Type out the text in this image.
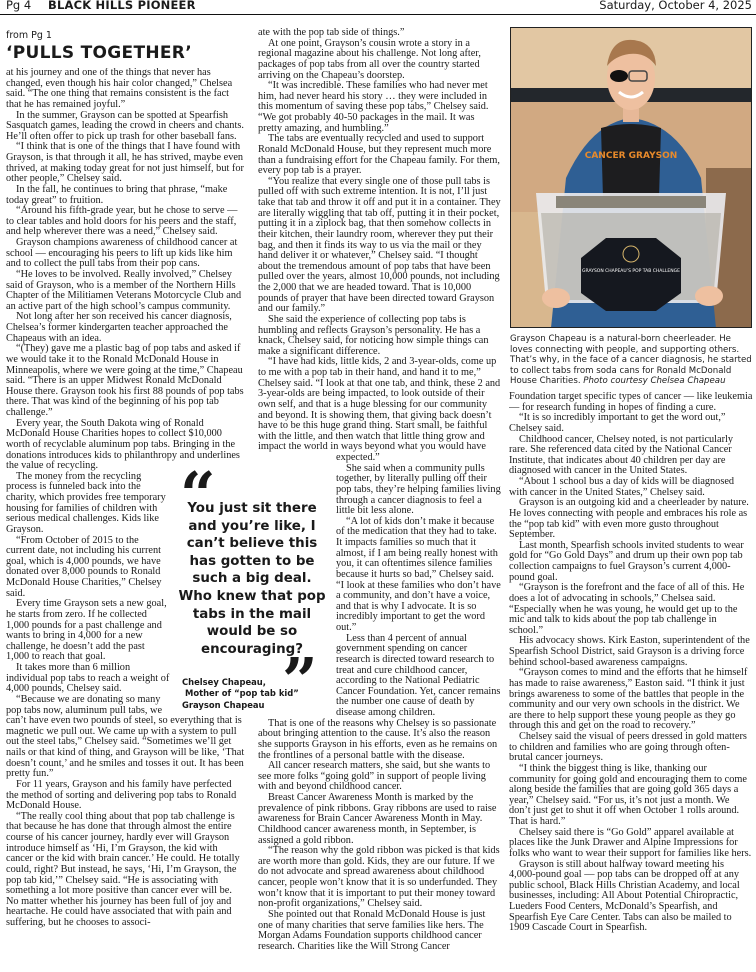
Pg 4 BLACK HILLS PIONEER	Saturday, October 4, 2025
from Pg 1
‘PULLS TOGETHER’

at his journey and one of the things that never has changed, even though his hair color changed,” Chelsea said. “The one thing that remains consistent is the fact that he has remained joyful.”

In the summer, Grayson can be spotted at Spearfish Sasquatch games, leading the crowd in cheers and chants. He’ll often offer to pick up trash for other baseball fans.

“I think that is one of the things that I have found with Grayson, is that through it all, he has strived, maybe even thrived, at making today great for not just himself, but for other people,” Chelsey said.

In the fall, he continues to bring that phrase, “make today great” to fruition.

“Around his fifth-grade year, but he chose to serve — to clear tables and hold doors for his peers and the staff, and help wherever there was a need,” Chelsey said.

Grayson champions awareness of childhood cancer at school — encouraging his peers to lift up kids like him and to collect the pull tabs from their pop cans.

“He loves to be involved. Really involved,” Chelsey said of Grayson, who is a member of the Northern Hills Chapter of the Militiamen Veterans Motorcycle Club and an active part of the high school’s campus community.

Not long after her son received his cancer diagnosis, Chelsea’s former kindergarten teacher approached the Chapeaus with an idea.

“(They) gave me a plastic bag of pop tabs and asked if we would take it to the Ronald McDonald House in Minneapolis, where we were going at the time,” Chapeau said. “There is an upper Midwest Ronald McDonald House there. Grayson took his first 88 pounds of pop tabs there. That was kind of the beginning of his pop tab challenge.”

Every year, the South Dakota wing of Ronald McDonald House Charities hopes to collect $10,000 worth of recyclable aluminum pop tabs. Bringing in the donations introduces kids to philanthropy and underlines the value of recycling.

The money from the recycling process is funneled back into the charity, which provides free temporary housing for families of children with serious medical challenges. Kids like Grayson.

“From October of 2015 to the current date, not including his current goal, which is 4,000 pounds, we have donated over 8,000 pounds to Ronald McDonald House Charities,” Chelsey said.

Every time Grayson sets a new goal, he starts from zero. If he collected 1,000 pounds for a past challenge and wants to bring in 4,000 for a new challenge, he doesn’t add the past 1,000 to reach that goal.

It takes more than 6 million individual pop tabs to reach a weight of 4,000 pounds, Chelsey said.

“Because we are donating so many pop tabs now, aluminum pull tabs, we can’t have even two pounds of steel, so everything that is magnetic we pull out. We came up with a system to pull out the steel tabs,” Chelsey said. “Sometimes we’ll get nails or that kind of thing, and Grayson will be like, ‘That doesn’t count,’ and he smiles and tosses it out. It has been pretty fun.”

For 11 years, Grayson and his family have perfected the method of sorting and delivering pop tabs to Ronald McDonald House.

“The really cool thing about that pop tab challenge is that because he has done that through almost the entire course of his cancer journey, hardly ever will Grayson introduce himself as ‘Hi, I’m Grayson, the kid with cancer or the kid with brain cancer.’ He could. He totally could, right? But instead, he says, ‘Hi, I’m Grayson, the pop tab kid,’” Chelsey said. “He is associating with something a lot more positive than cancer ever will be. No matter whether his journey has been full of joy and heartache. He could have associated that with pain and suffering, but he chooses to associ-

ate with the pop tab side of things.”

At one point, Grayson’s cousin wrote a story in a regional magazine about his challenge. Not long after, packages of pop tabs from all over the country started arriving on the Chapeau’s doorstep.

“It was incredible. These families who had never met him, had never heard his story … they were included in this momentum of saving these pop tabs,” Chelsey said. “We got probably 40-50 packages in the mail. It was pretty amazing, and humbling.”

The tabs are eventually recycled and used to support Ronald McDonald House, but they represent much more than a fundraising effort for the Chapeau family. For them, every pop tab is a prayer.

“You realize that every single one of those pull tabs is pulled off with such extreme intention. It is not, I’ll just take that tab and throw it off and put it in a container. They are literally wiggling that tab off, putting it in their pocket, putting it in a ziplock bag, that then somehow collects in their kitchen, their laundry room, wherever they put their bag, and then it finds its way to us via the mail or they hand deliver it or whatever,” Chelsey said. “I thought about the tremendous amount of pop tabs that have been pulled over the years, almost 10,000 pounds, not including the 2,000 that we are headed toward. That is 10,000 pounds of prayer that have been directed toward Grayson and our family.”

She said the experience of collecting pop tabs is humbling and reflects Grayson’s personality. He has a knack, Chelsey said, for noticing how simple things can make a significant difference.

“I have had kids, little kids, 2 and 3-year-olds, come up to me with a pop tab in their hand, and hand it to me,” Chelsey said. “I look at that one tab, and think, these 2 and 3-year-olds are being impacted, to look outside of their own self, and that is a huge blessing for our community and beyond. It is showing them, that giving back doesn’t have to be this huge grand thing. Start small, be faithful with the little, and then watch that little thing grow and impact the world in ways beyond what you would have expected.”

She said when a community pulls together, by literally pulling off their pop tabs, they’re helping families living through a cancer diagnosis to feel a little bit less alone.

“A lot of kids don’t make it because of the medication that they had to take. It impacts families so much that it almost, if I am being really honest with you, it can oftentimes silence families because it hurts so bad,” Chelsey said. “I look at these families who don’t have a community, and don’t have a voice, and that is why I advocate. It is so incredibly important to get the word out.”

Less than 4 percent of annual government spending on cancer research is directed toward research to treat and cure childhood cancer, according to the National Pediatric Cancer Foundation. Yet, cancer remains the number one cause of death by disease among children.

That is one of the reasons why Chelsey is so passionate about bringing attention to the cause. It’s also the reason she supports Grayson in his efforts, even as he remains on the frontlines of a personal battle with the disease.

All cancer research matters, she said, but she wants to see more folks “going gold” in support of people living with and beyond childhood cancer.

Breast Cancer Awareness Month is marked by the prevalence of pink ribbons. Gray ribbons are used to raise awareness for Brain Cancer Awareness Month in May. Childhood cancer awareness month, in September, is assigned a gold ribbon.

“The reason why the gold ribbon was picked is that kids are worth more than gold. Kids, they are our future. If we do not advocate and spread awareness about childhood cancer, people won’t know that it is so underfunded. They won’t know that it is important to put their money toward non-profit organizations,” Chelsey said.

She pointed out that Ronald McDonald House is just one of many charities that serve families like hers. The Morgan Adams Foundation supports childhood cancer research. Charities like the Will Strong Cancer

Foundation target specific types of cancer — like leukemia — for research funding in hopes of finding a cure.

“It is so incredibly important to get the word out,” Chelsey said.

Childhood cancer, Chelsey noted, is not particularly rare. She referenced data cited by the National Cancer Institute, that indicates about 40 children per day are diagnosed with cancer in the United States.

“About 1 school bus a day of kids will be diagnosed with cancer in the United States,” Chelsey said.

Grayson is an outgoing kid and a cheerleader by nature. He loves connecting with people and embraces his role as the “pop tab kid” with even more gusto throughout September.

Last month, Spearfish schools invited students to wear gold for “Go Gold Days” and drum up their own pop tab collection campaigns to fuel Grayson’s current 4,000-pound goal.

“Grayson is the forefront and the face of all of this. He does a lot of advocating in schools,” Chelsea said. “Especially when he was young, he would get up to the mic and talk to kids about the pop tab challenge in school.”

His advocacy shows. Kirk Easton, superintendent of the Spearfish School District, said Grayson is a driving force behind school-based awareness campaigns.

“Grayson comes to mind and the efforts that he himself has made to raise awareness,” Easton said. “I think it just brings awareness to some of the battles that people in the community and our very own schools in the district. We are there to help support these young people as they go through this and get on the road to recovery.”

Chelsey said the visual of peers dressed in gold matters to children and families who are going through often-brutal cancer journeys.

“I think the biggest thing is like, thanking our community for going gold and encouraging them to come along beside the families that are going gold 365 days a year,” Chelsey said. “For us, it’s not just a month. We don’t just get to shut it off when October 1 rolls around. That is hard.”

Chelsey said there is “Go Gold” apparel available at places like the Junk Drawer and Alpine Impressions for folks who want to wear their support for families like hers.

Grayson is still about halfway toward meeting his 4,000-pound goal — pop tabs can be dropped off at any public school, Black Hills Christian Academy, and local businesses, including: All About Potential Chiropractic, Lueders Food Centers, McDonald’s Spearfish, and Spearfish Eye Care Center. Tabs can also be mailed to 1909 Cascade Court in Spearfish.

“
You just sit there and you’re like, I can’t believe this has gotten to be such a big deal. Who knew that pop tabs in the mail would be so encouraging?
”
Chelsey Chapeau,
Mother of “pop tab kid”
Grayson Chapeau
CANCER GRAYSON
GRAYSON CHAPEAU’S POP TAB CHALLENGE
Grayson Chapeau is a natural-born cheerleader. He loves connecting with people, and supporting others. That’s why, in the face of a cancer diagnosis, he started to collect tabs from soda cans for Ronald McDonald House Charities. Photo courtesy Chelsea Chapeau
